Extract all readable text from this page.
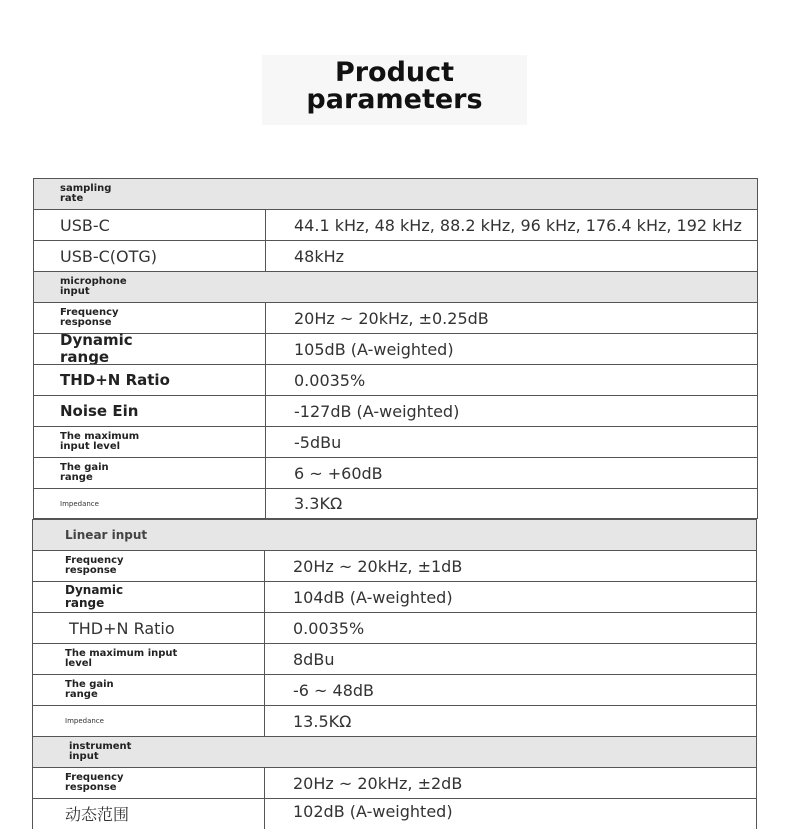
Product
parameters
sampling
rate
USB-C	44.1 kHz, 48 kHz, 88.2 kHz, 96 kHz, 176.4 kHz, 192 kHz
USB-C(OTG)	48kHz
microphone
input
Frequency
response	20Hz ~ 20kHz, ±0.25dB
Dynamic
range	105dB (A-weighted)
THD+N Ratio	0.0035%
Noise Ein	-127dB (A-weighted)
The maximum
input level	-5dBu
The gain
range	6 ~ +60dB
Impedance	3.3KΩ
Linear input
Frequency
response	20Hz ~ 20kHz, ±1dB
Dynamic
range	104dB (A-weighted)
THD+N Ratio	0.0035%
The maximum input
level	8dBu
The gain
range	-6 ~ 48dB
Impedance	13.5KΩ
instrument
input
Frequency
response	20Hz ~ 20kHz, ±2dB
动态范围	102dB (A-weighted)
